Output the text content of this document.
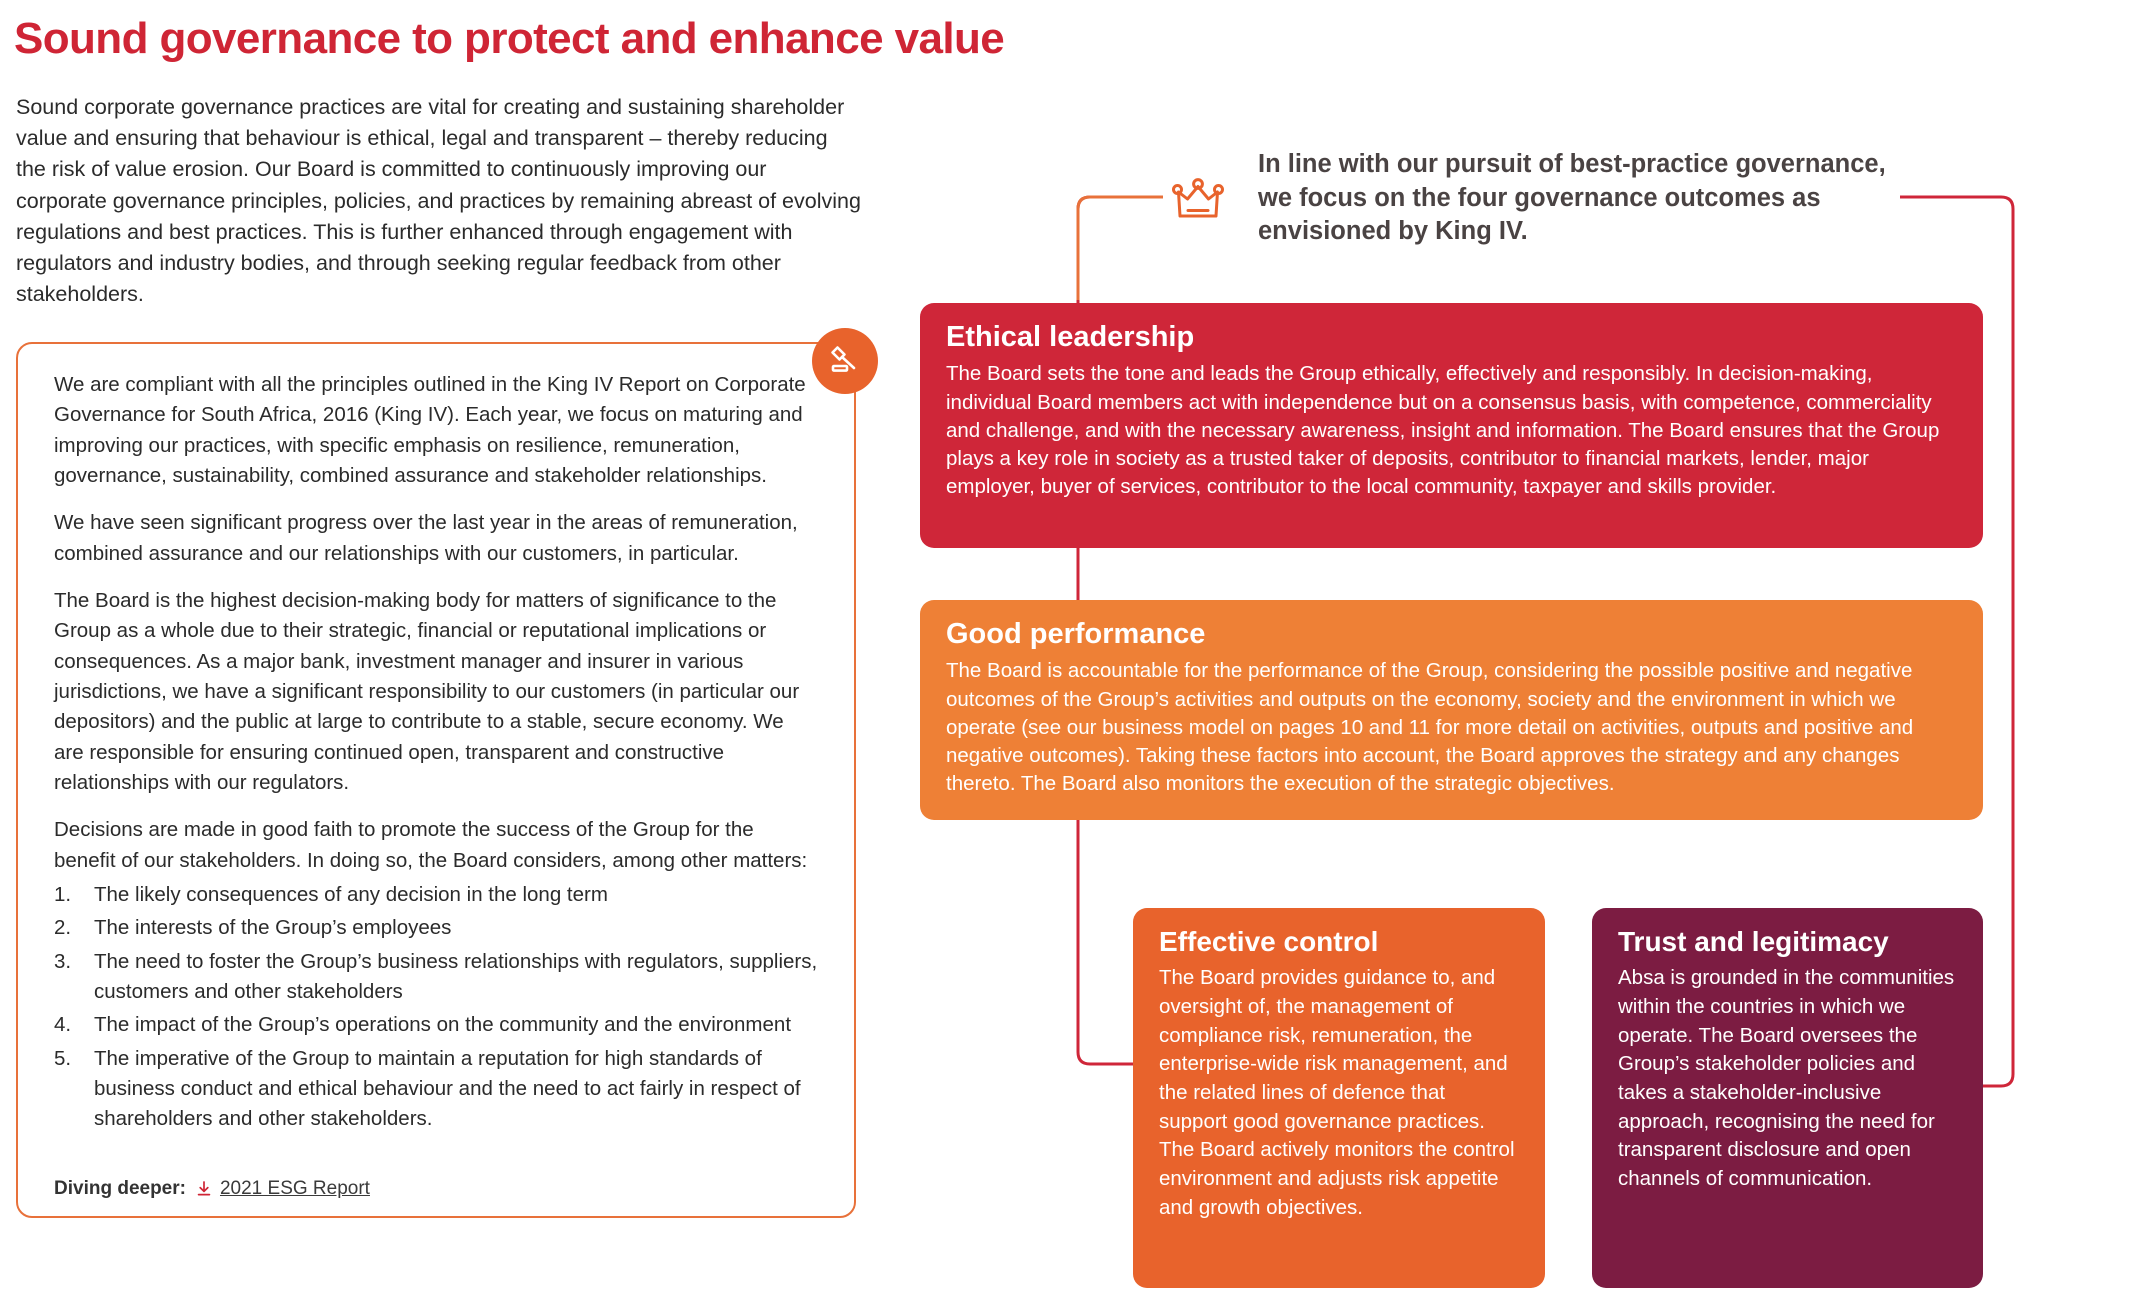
Sound governance to protect and enhance value

Sound corporate governance practices are vital for creating and sustaining shareholder value and ensuring that behaviour is ethical, legal and transparent – thereby reducing the risk of value erosion. Our Board is committed to continuously improving our corporate governance principles, policies, and practices by remaining abreast of evolving regulations and best practices. This is further enhanced through engagement with regulators and industry bodies, and through seeking regular feedback from other stakeholders.

We are compliant with all the principles outlined in the King IV Report on Corporate Governance for South Africa, 2016 (King IV). Each year, we focus on maturing and improving our practices, with specific emphasis on resilience, remuneration, governance, sustainability, combined assurance and stakeholder relationships.

We have seen significant progress over the last year in the areas of remuneration, combined assurance and our relationships with our customers, in particular.

The Board is the highest decision-making body for matters of significance to the Group as a whole due to their strategic, financial or reputational implications or consequences. As a major bank, investment manager and insurer in various jurisdictions, we have a significant responsibility to our customers (in particular our depositors) and the public at large to contribute to a stable, secure economy. We are responsible for ensuring continued open, transparent and constructive relationships with our regulators.

Decisions are made in good faith to promote the success of the Group for the benefit of our stakeholders. In doing so, the Board considers, among other matters:

The likely consequences of any decision in the long term
The interests of the Group’s employees
The need to foster the Group’s business relationships with regulators, suppliers, customers and other stakeholders
The impact of the Group’s operations on the community and the environment
The imperative of the Group to maintain a reputation for high standards of business conduct and ethical behaviour and the need to act fairly in respect of shareholders and other stakeholders.
Diving deeper: 2021 ESG Report

In line with our pursuit of best-practice governance, we focus on the four governance outcomes as envisioned by King IV.

Ethical leadership
The Board sets the tone and leads the Group ethically, effectively and responsibly. In decision-making, individual Board members act with independence but on a consensus basis, with competence, commerciality and challenge, and with the necessary awareness, insight and information. The Board ensures that the Group plays a key role in society as a trusted taker of deposits, contributor to financial markets, lender, major employer, buyer of services, contributor to the local community, taxpayer and skills provider.
Good performance
The Board is accountable for the performance of the Group, considering the possible positive and negative outcomes of the Group’s activities and outputs on the economy, society and the environment in which we operate (see our business model on pages 10 and 11 for more detail on activities, outputs and positive and negative outcomes). Taking these factors into account, the Board approves the strategy and any changes thereto. The Board also monitors the execution of the strategic objectives.
Effective control
The Board provides guidance to, and oversight of, the management of compliance risk, remuneration, the enterprise-wide risk management, and the related lines of defence that support good governance practices. The Board actively monitors the control environment and adjusts risk appetite and growth objectives.
Trust and legitimacy
Absa is grounded in the communities within the countries in which we operate. The Board oversees the Group’s stakeholder policies and takes a stakeholder-inclusive approach, recognising the need for transparent disclosure and open channels of communication.
